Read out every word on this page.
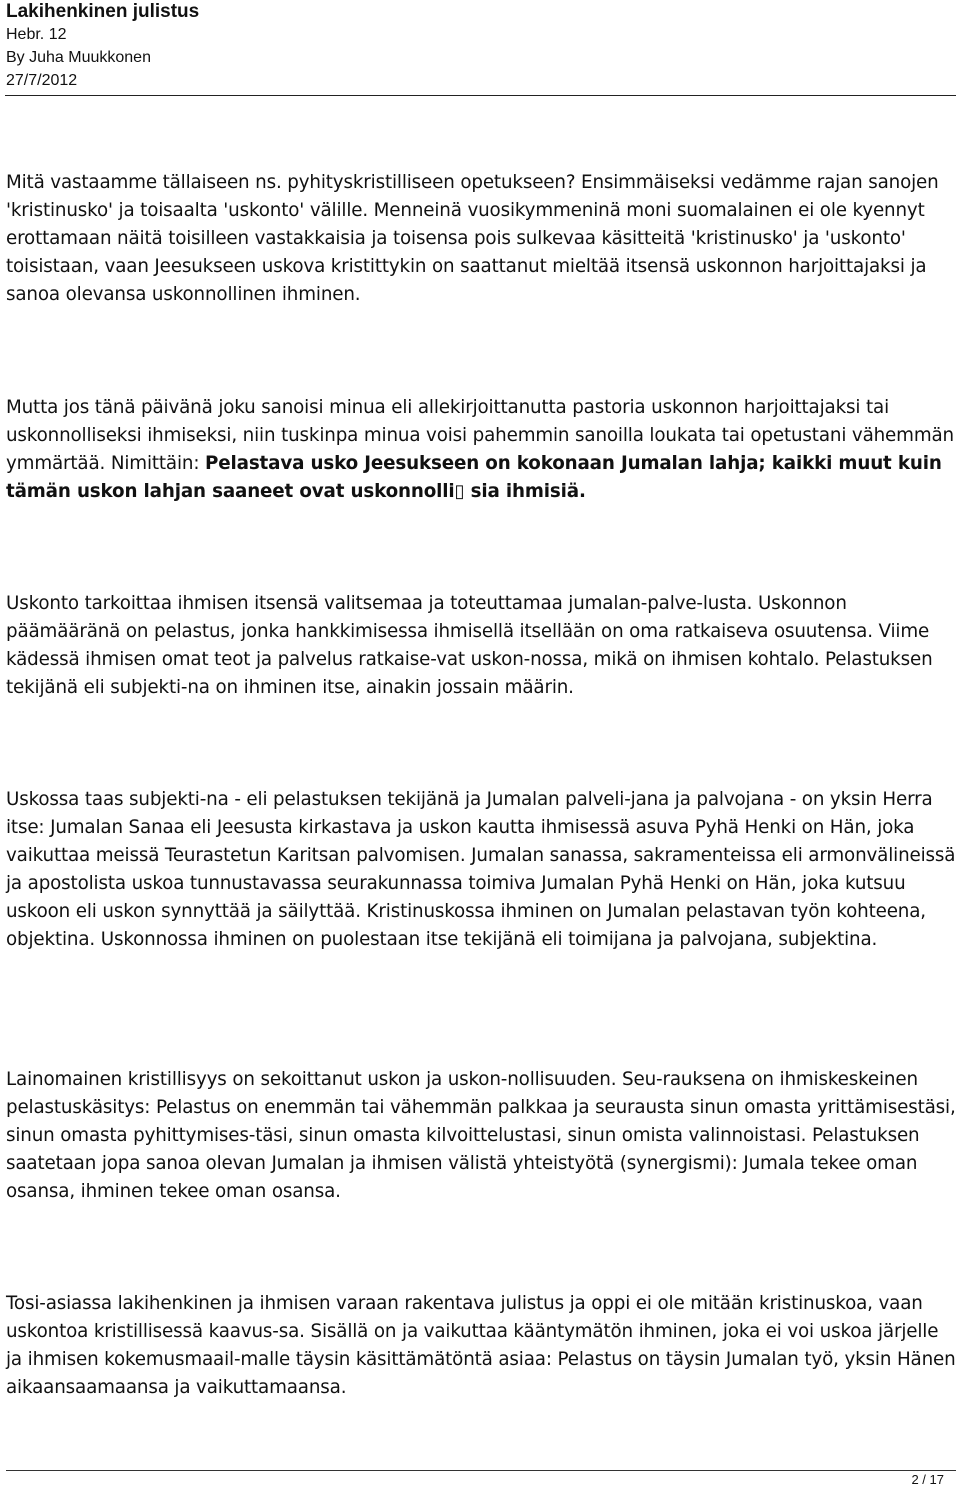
Lakihenkinen julistus
Hebr. 12
By Juha Muukkonen
27/7/2012

Mitä vastaamme tällaiseen ns. pyhityskristilliseen opetukseen? Ensimmäiseksi vedämme rajan sanojen 'kristinusko' ja toisaalta 'uskonto' välille. Menneinä vuosikymmeninä moni suomalainen ei ole kyennyt erottamaan näitä toisilleen vastakkaisia ja toisensa pois sulkevaa käsitteitä 'kristinusko' ja 'uskonto' toisistaan, vaan Jeesukseen uskova kristittykin on saattanut mieltää itsensä uskonnon harjoittajaksi ja sanoa olevansa uskonnollinen ihminen.

Mutta jos tänä päivänä joku sanoisi minua eli allekirjoittanutta pastoria uskonnon harjoittajaksi tai uskonnolliseksi ihmiseksi, niin tuskinpa minua voisi pahemmin sanoilla loukata tai opetustani vähemmän ymmärtää. Nimittäin: Pelastava usko Jeesukseen on kokonaan Jumalan lahja; kaikki muut kuin tämän uskon lahjan saaneet ovat uskonnolli▯ sia ihmisiä.

Uskonto tarkoittaa ihmisen itsensä valitsemaa ja toteuttamaa jumalan-palve-lusta. Uskonnon päämääränä on pelastus, jonka hankkimisessa ihmisellä itsellään on oma ratkaiseva osuutensa. Viime kädessä ihmisen omat teot ja palvelus ratkaise-vat uskon-nossa, mikä on ihmisen kohtalo. Pelastuksen tekijänä eli subjekti-na on ihminen itse, ainakin jossain määrin.

Uskossa taas subjekti-na - eli pelastuksen tekijänä ja Jumalan palveli-jana ja palvojana - on yksin Herra itse: Jumalan Sanaa eli Jeesusta kirkastava ja uskon kautta ihmisessä asuva Pyhä Henki on Hän, joka vaikuttaa meissä Teurastetun Karitsan palvomisen. Jumalan sanassa, sakramenteissa eli armonvälineissä ja apostolista uskoa tunnustavassa seurakunnassa toimiva Jumalan Pyhä Henki on Hän, joka kutsuu uskoon eli uskon synnyttää ja säilyttää. Kristinuskossa ihminen on Jumalan pelastavan työn kohteena, objektina. Uskonnossa ihminen on puolestaan itse tekijänä eli toimijana ja palvojana, subjektina.

Lainomainen kristillisyys on sekoittanut uskon ja uskon-nollisuuden. Seu-rauksena on ihmiskeskeinen pelastuskäsitys: Pelastus on enemmän tai vähemmän palkkaa ja seurausta sinun omasta yrittämisestäsi, sinun omasta pyhittymises-täsi, sinun omasta kilvoittelustasi, sinun omista valinnoistasi. Pelastuksen saatetaan jopa sanoa olevan Jumalan ja ihmisen välistä yhteistyötä (synergismi): Jumala tekee oman osansa, ihminen tekee oman osansa.

Tosi-asiassa lakihenkinen ja ihmisen varaan rakentava julistus ja oppi ei ole mitään kristinuskoa, vaan uskontoa kristillisessä kaavus-sa. Sisällä on ja vaikuttaa kääntymätön ihminen, joka ei voi uskoa järjelle ja ihmisen kokemusmaail-malle täysin käsittämätöntä asiaa: Pelastus on täysin Jumalan työ, yksin Hänen aikaansaamaansa ja vaikuttamaansa.

2 / 17
